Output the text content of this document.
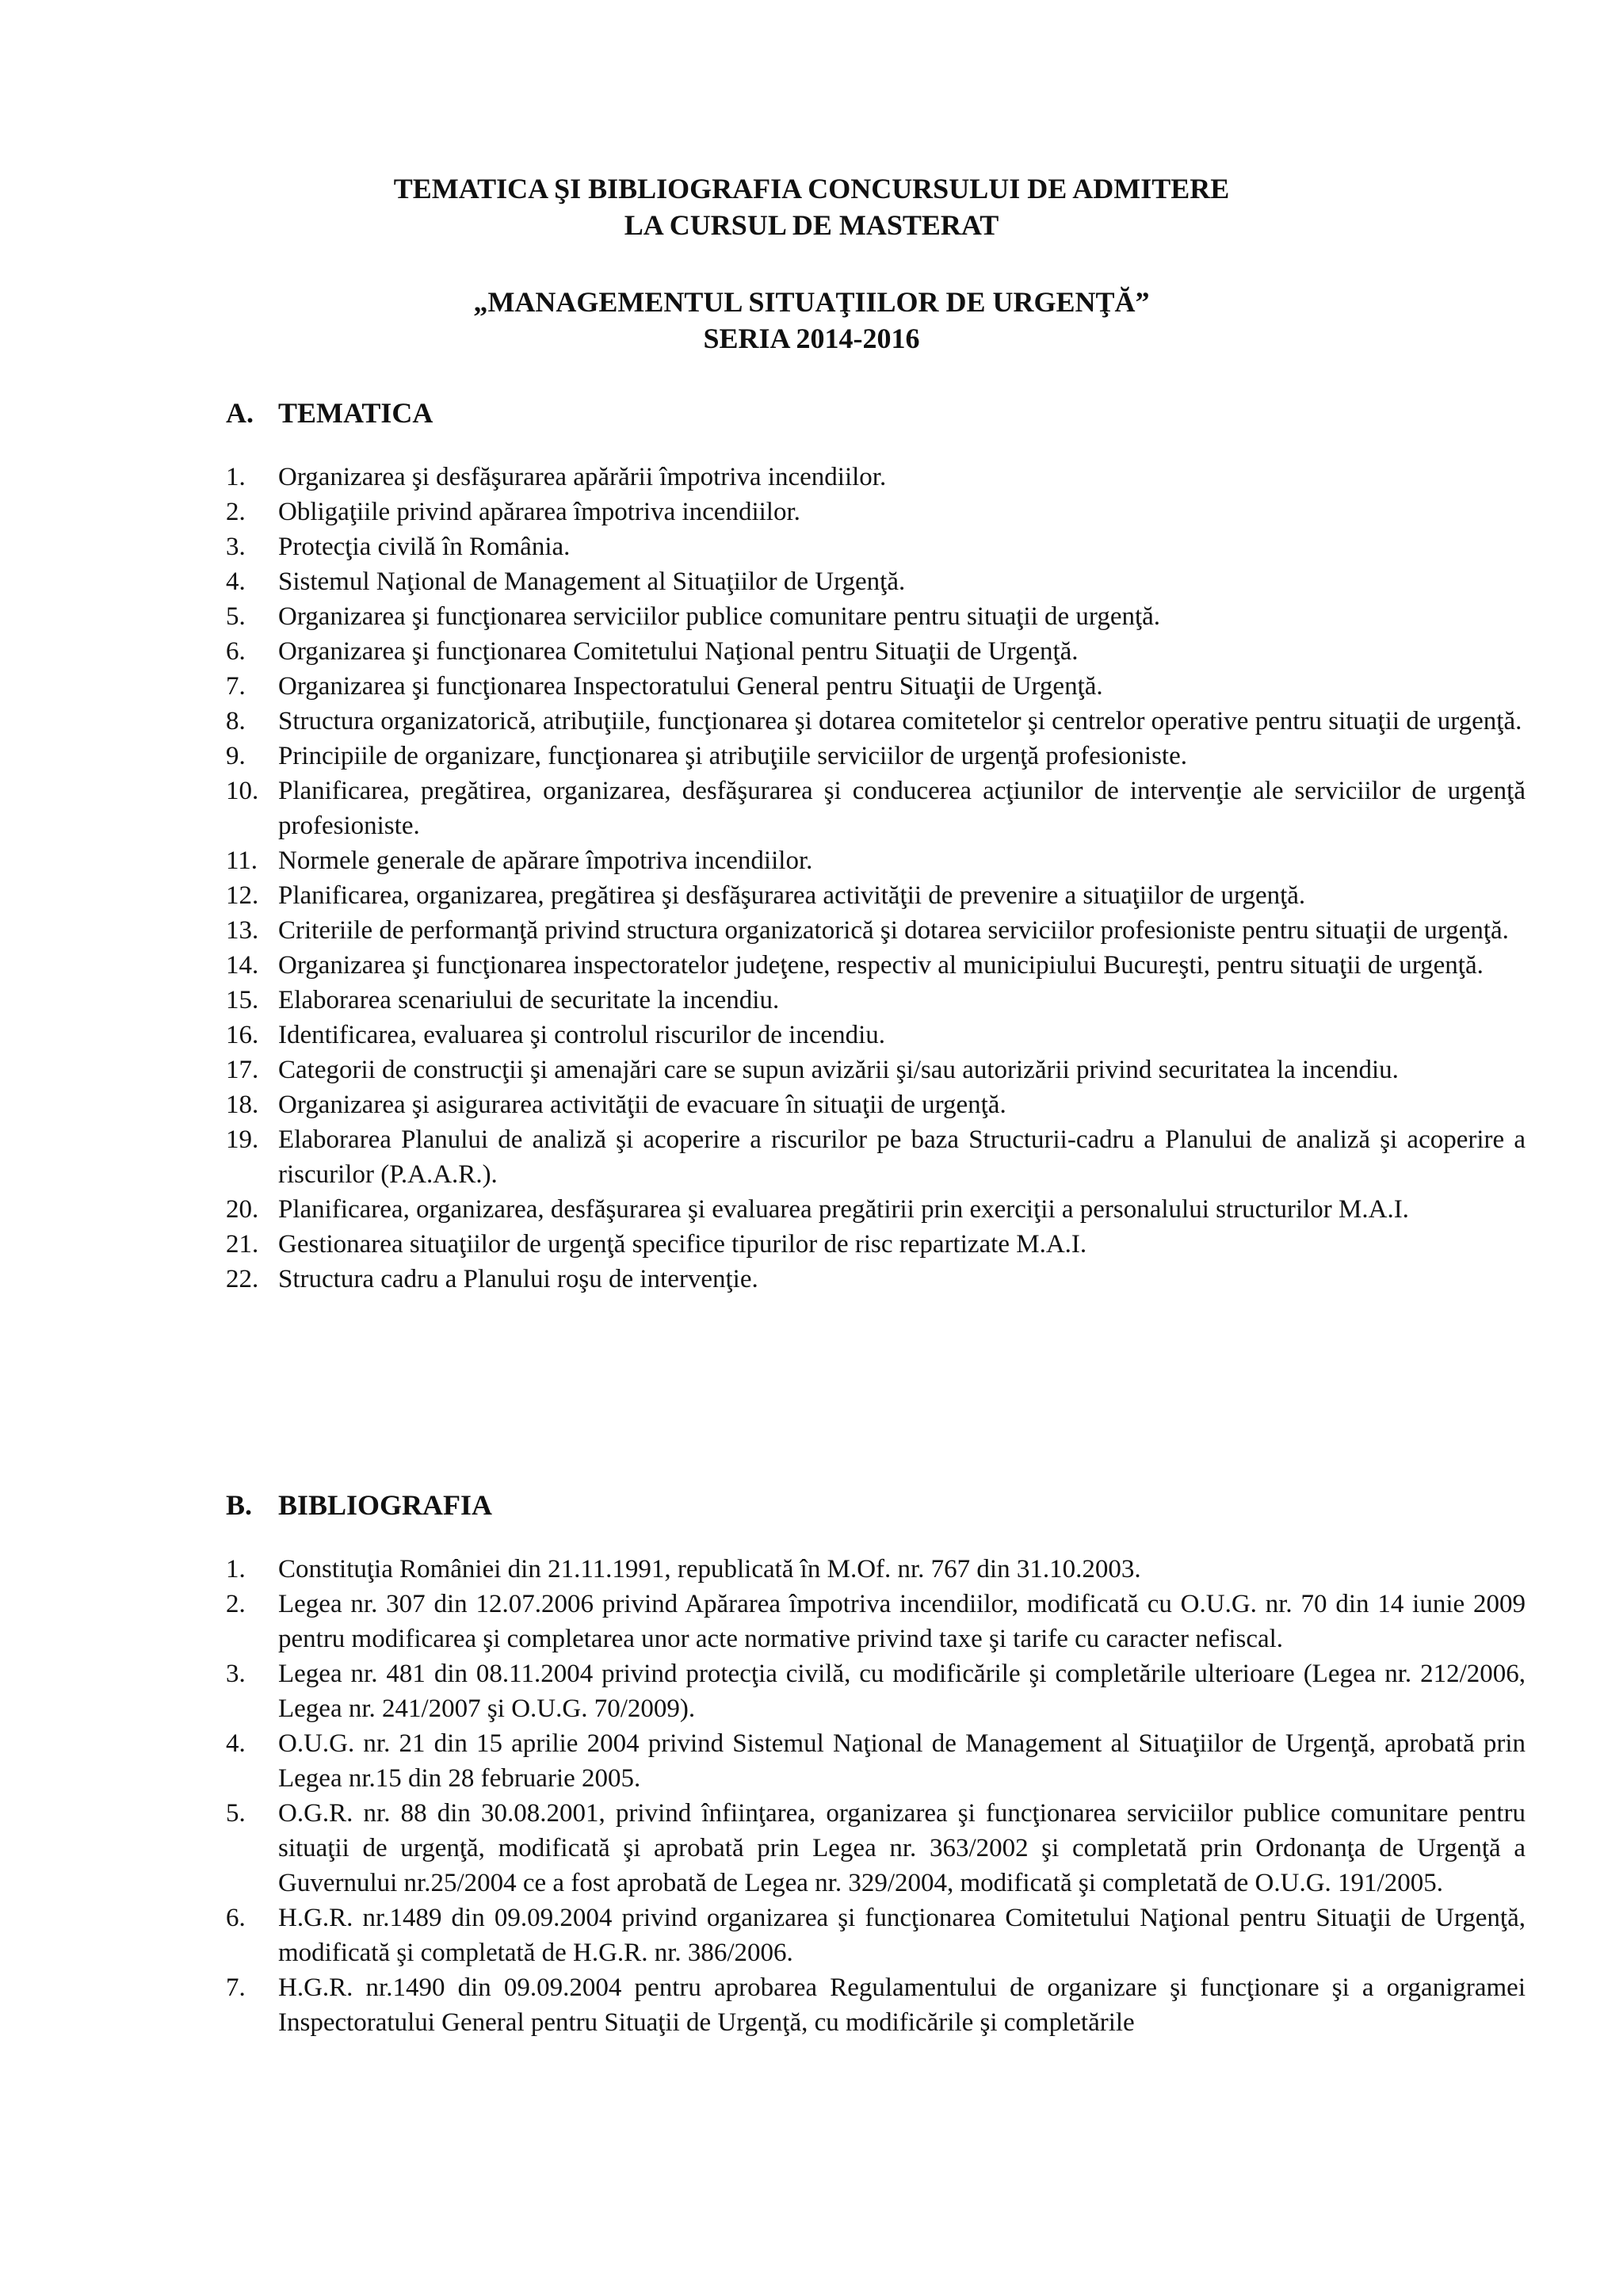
TEMATICA ŞI BIBLIOGRAFIA CONCURSULUI DE ADMITERE
LA CURSUL DE MASTERAT
„MANAGEMENTUL SITUAŢIILOR DE URGENŢĂ”
SERIA 2014-2016
A. TEMATICA
1.	Organizarea şi desfăşurarea apărării împotriva incendiilor.
2.	Obligaţiile privind apărarea împotriva incendiilor.
3.	Protecţia civilă în România.
4.	Sistemul Naţional de Management al Situaţiilor de Urgenţă.
5.	Organizarea şi funcţionarea serviciilor publice comunitare pentru situaţii de urgenţă.
6.	Organizarea şi funcţionarea Comitetului Naţional pentru Situaţii de Urgenţă.
7.	Organizarea şi funcţionarea Inspectoratului General pentru Situaţii de Urgenţă.
8.	Structura organizatorică, atribuţiile, funcţionarea şi dotarea comitetelor şi centrelor operative pentru situaţii de urgenţă.
9.	Principiile de organizare, funcţionarea şi atribuţiile serviciilor de urgenţă profesioniste.
10. Planificarea, pregătirea, organizarea, desfăşurarea şi conducerea acţiunilor de intervenţie ale serviciilor de urgenţă profesioniste.
11. Normele generale de apărare împotriva incendiilor.
12. Planificarea, organizarea, pregătirea şi desfăşurarea activităţii de prevenire a situaţiilor de urgenţă.
13. Criteriile de performanţă privind structura organizatorică şi dotarea serviciilor profesioniste pentru situaţii de urgenţă.
14. Organizarea şi funcţionarea inspectoratelor judeţene, respectiv al municipiului Bucureşti, pentru situaţii de urgenţă.
15. Elaborarea scenariului de securitate la incendiu.
16. Identificarea, evaluarea şi controlul riscurilor de incendiu.
17. Categorii de construcţii şi amenajări care se supun avizării şi/sau autorizării privind securitatea la incendiu.
18. Organizarea şi asigurarea activităţii de evacuare în situaţii de urgenţă.
19. Elaborarea Planului de analiză şi acoperire a riscurilor pe baza Structurii-cadru a Planului de analiză şi acoperire a riscurilor (P.A.A.R.).
20. Planificarea, organizarea, desfăşurarea şi evaluarea pregătirii prin exerciţii a personalului structurilor M.A.I.
21. Gestionarea situaţiilor de urgenţă specifice tipurilor de risc repartizate M.A.I.
22. Structura cadru a Planului roşu de intervenţie.
B. BIBLIOGRAFIA
1.	Constituţia României din 21.11.1991, republicată în M.Of. nr. 767 din 31.10.2003.
2.	Legea nr. 307 din 12.07.2006 privind Apărarea împotriva incendiilor, modificată cu O.U.G. nr. 70 din 14 iunie 2009 pentru modificarea şi completarea unor acte normative privind taxe şi tarife cu caracter nefiscal.
3.	Legea nr. 481 din 08.11.2004 privind protecţia civilă, cu modificările şi completările ulterioare (Legea nr. 212/2006, Legea nr. 241/2007 şi O.U.G. 70/2009).
4.	O.U.G. nr. 21 din 15 aprilie 2004 privind Sistemul Naţional de Management al Situaţiilor de Urgenţă, aprobată prin Legea nr.15 din 28 februarie 2005.
5.	O.G.R. nr. 88 din 30.08.2001, privind înfiinţarea, organizarea şi funcţionarea serviciilor publice comunitare pentru situaţii de urgenţă, modificată şi aprobată prin Legea nr. 363/2002 şi completată prin Ordonanţa de Urgenţă a Guvernului nr.25/2004 ce a fost aprobată de Legea nr. 329/2004, modificată şi completată de O.U.G. 191/2005.
6.	H.G.R. nr.1489 din 09.09.2004 privind organizarea şi funcţionarea Comitetului Naţional pentru Situaţii de Urgenţă, modificată şi completată de H.G.R. nr. 386/2006.
7.	H.G.R. nr.1490 din 09.09.2004 pentru aprobarea Regulamentului de organizare şi funcţionare şi a organigramei Inspectoratului General pentru Situaţii de Urgenţă, cu modificările şi completările
